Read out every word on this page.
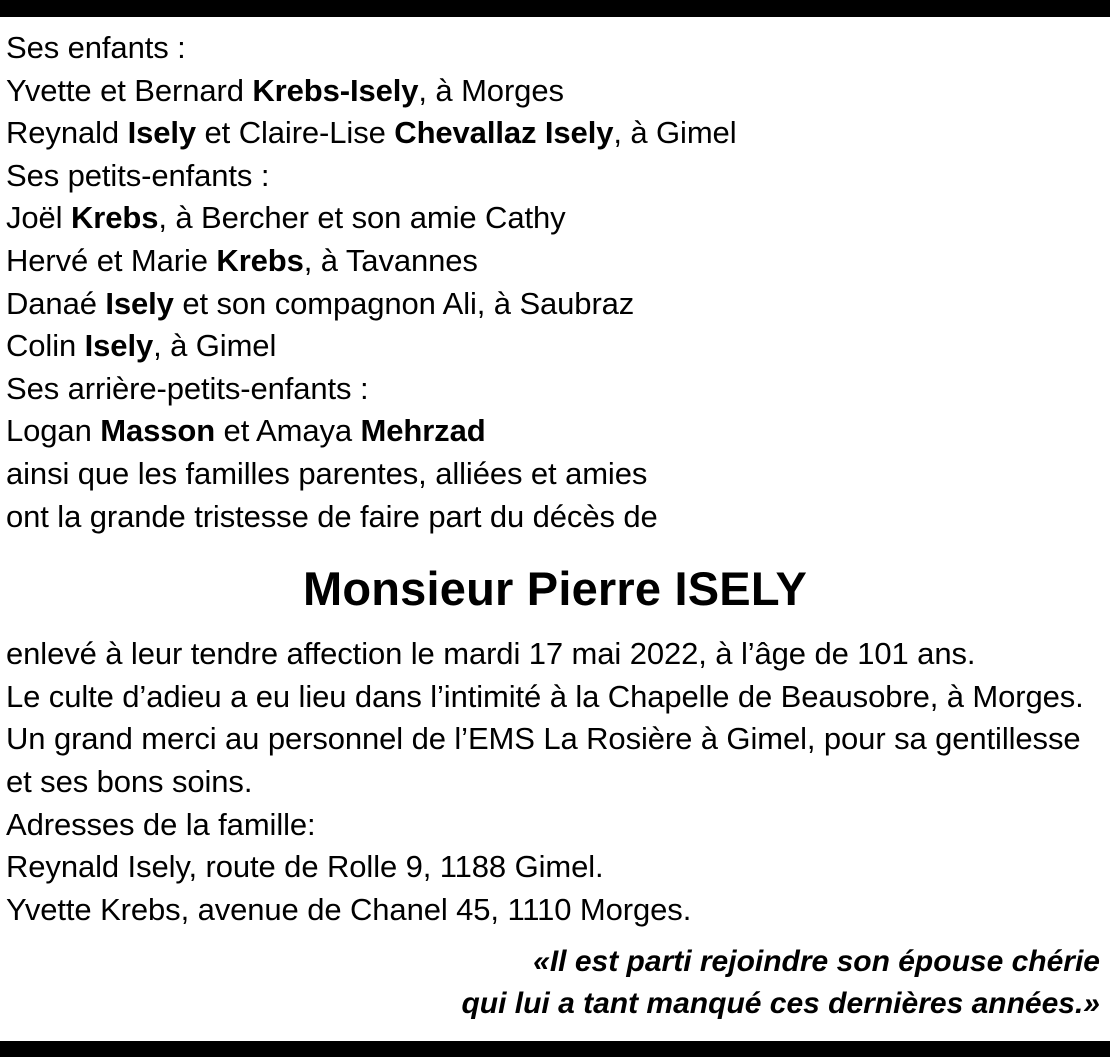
Ses enfants :
Yvette et Bernard Krebs-Isely, à Morges
Reynald Isely et Claire-Lise Chevallaz Isely, à Gimel
Ses petits-enfants :
Joël Krebs, à Bercher et son amie Cathy
Hervé et Marie Krebs, à Tavannes
Danaé Isely et son compagnon Ali, à Saubraz
Colin Isely, à Gimel
Ses arrière-petits-enfants :
Logan Masson et Amaya Mehrzad
ainsi que les familles parentes, alliées et amies
ont la grande tristesse de faire part du décès de
Monsieur Pierre ISELY
enlevé à leur tendre affection le mardi 17 mai 2022, à l’âge de 101 ans.
Le culte d’adieu a eu lieu dans l’intimité à la Chapelle de Beausobre, à Morges.
Un grand merci au personnel de l’EMS La Rosière à Gimel, pour sa gentillesse
et ses bons soins.
Adresses de la famille:
Reynald Isely, route de Rolle 9, 1188 Gimel.
Yvette Krebs, avenue de Chanel 45, 1110 Morges.
«Il est parti rejoindre son épouse chérie
qui lui a tant manqué ces dernières années.»
